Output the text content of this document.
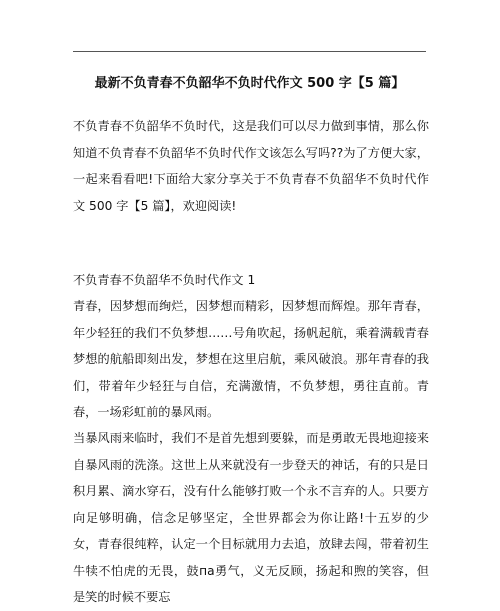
最新不负青春不负韶华不负时代作文 500 字【5 篇】

不负青春不负韶华不负时代，这是我们可以尽力做到事情，那么你知道不负青春不负韶华不负时代作文该怎么写吗??为了方便大家，一起来看看吧!下面给大家分享关于不负青春不负韶华不负时代作文 500 字【5 篇】，欢迎阅读!

不负青春不负韶华不负时代作文 1

青春，因梦想而绚烂，因梦想而精彩，因梦想而辉煌。那年青春，年少轻狂的我们不负梦想……号角吹起，扬帆起航，乘着满载青春梦想的航船即刻出发，梦想在这里启航，乘风破浪。那年青春的我们，带着年少轻狂与自信，充满激情，不负梦想，勇往直前。青春，一场彩虹前的暴风雨。

当暴风雨来临时，我们不是首先想到要躲，而是勇敢无畏地迎接来自暴风雨的洗涤。这世上从来就没有一步登天的神话，有的只是日积月累、滴水穿石，没有什么能够打败一个永不言弃的人。只要方向足够明确，信念足够坚定，全世界都会为你让路!十五岁的少女，青春很纯粹，认定一个目标就用力去追，放肆去闯，带着初生牛犊不怕虎的无畏，鼓па勇气，义无反顾，扬起和煦的笑容，但是笑的时候不要忘
